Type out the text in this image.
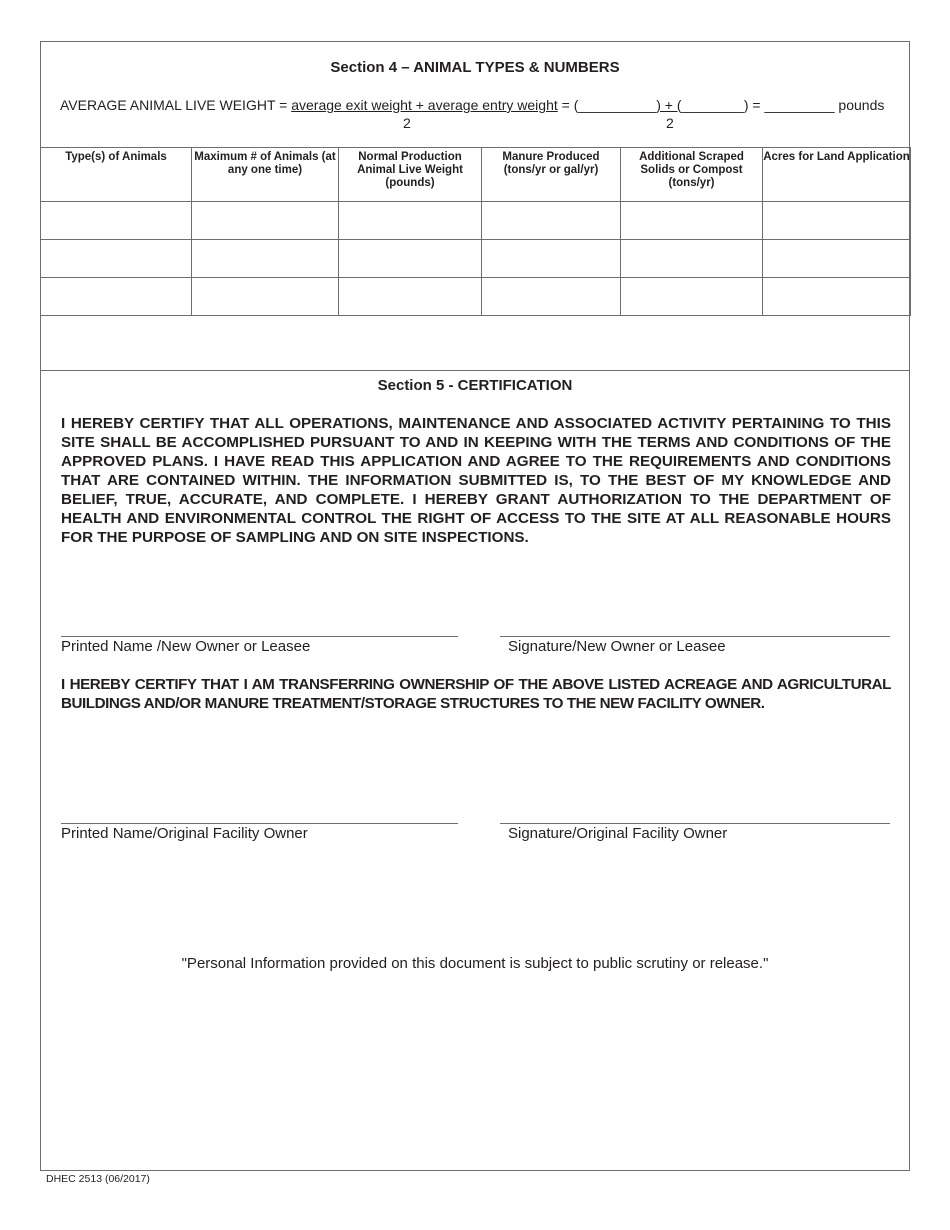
Section 4 – ANIMAL TYPES & NUMBERS
AVERAGE ANIMAL LIVE WEIGHT = average exit weight + average entry weight = (__________) + (________) = _________ pounds
2	2
Type(s) of Animals	Maximum # of Animals (at any one time)	Normal Production Animal Live Weight (pounds)	Manure Produced (tons/yr or gal/yr)	Additional Scraped Solids or Compost (tons/yr)	Acres for Land Application

Section 5 - CERTIFICATION
I HEREBY CERTIFY THAT ALL OPERATIONS, MAINTENANCE AND ASSOCIATED ACTIVITY PERTAINING TO THIS SITE SHALL BE ACCOMPLISHED PURSUANT TO AND IN KEEPING WITH THE TERMS AND CONDITIONS OF THE APPROVED PLANS. I HAVE READ THIS APPLICATION AND AGREE TO THE REQUIREMENTS AND CONDITIONS THAT ARE CONTAINED WITHIN. THE INFORMATION SUBMITTED IS, TO THE BEST OF MY KNOWLEDGE AND BELIEF, TRUE, ACCURATE, AND COMPLETE. I HEREBY GRANT AUTHORIZATION TO THE DEPARTMENT OF HEALTH AND ENVIRONMENTAL CONTROL THE RIGHT OF ACCESS TO THE SITE AT ALL REASONABLE HOURS FOR THE PURPOSE OF SAMPLING AND ON SITE INSPECTIONS.
Printed Name /New Owner or Leasee	Signature/New Owner or Leasee
I HEREBY CERTIFY THAT I AM TRANSFERRING OWNERSHIP OF THE ABOVE LISTED ACREAGE AND AGRICULTURAL BUILDINGS AND/OR MANURE TREATMENT/STORAGE STRUCTURES TO THE NEW FACILITY OWNER.
Printed Name/Original Facility Owner	Signature/Original Facility Owner
"Personal Information provided on this document is subject to public scrutiny or release."
DHEC 2513 (06/2017)
